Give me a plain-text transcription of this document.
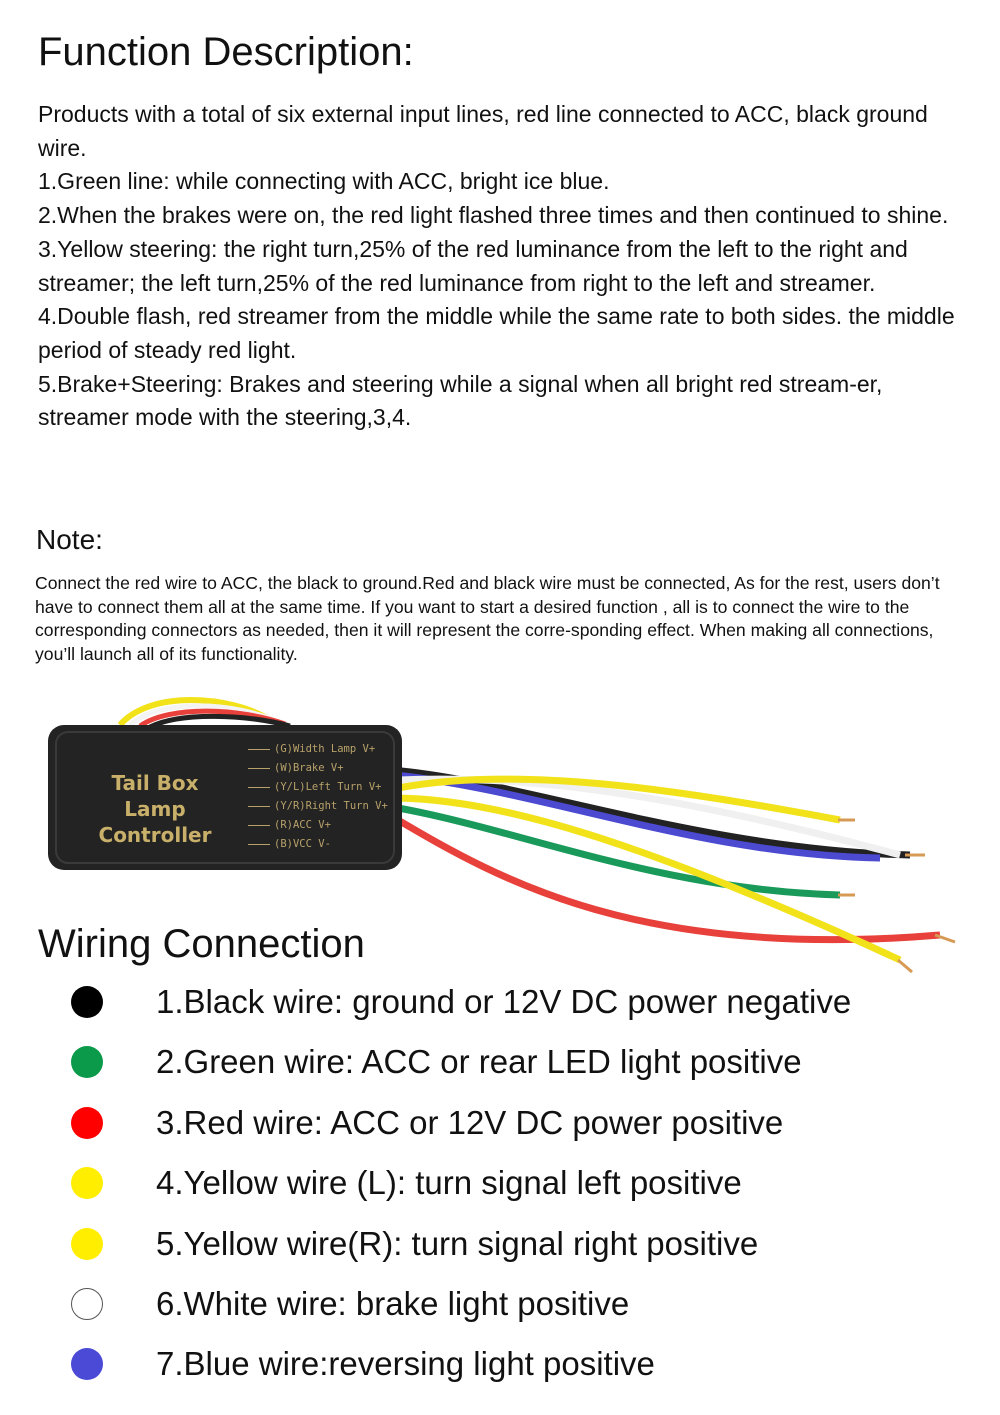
Function Description:

Products with a total of six external input lines, red line connected to ACC, black ground wire.

1.Green line: while connecting with ACC, bright ice blue.

2.When the brakes were on, the red light flashed three times and then continued to shine.

3.Yellow steering: the right turn,25% of the red luminance from the left to the right and streamer; the left turn,25% of the red luminance from right to the left and streamer.

4.Double flash, red streamer from the middle while the same rate to both sides. the middle period of steady red light.

5.Brake+Steering: Brakes and steering while a signal when all bright red stream-er, streamer mode with the steering,3,4.

Note:

Connect the red wire to ACC, the black to ground.Red and black wire must be connected, As for the rest, users don’t have to connect them all at the same time. If you want to start a desired function , all is to connect the wire to the corresponding connectors as needed, then it will represent the corre-sponding effect. When making all connections, you’ll launch all of its functionality.

Tail Box Lamp
Controller
(G)Width Lamp V+
(W)Brake V+
(Y/L)Left Turn V+
(Y/R)Right Turn V+
(R)ACC V+
(B)VCC V-
Wiring Connection
1.Black wire: ground or 12V DC power negative
2.Green wire: ACC or rear LED light positive
3.Red wire: ACC or 12V DC power positive
4.Yellow wire (L): turn signal left positive
5.Yellow wire(R): turn signal right positive
6.White wire: brake light positive
7.Blue wire:reversing light positive
